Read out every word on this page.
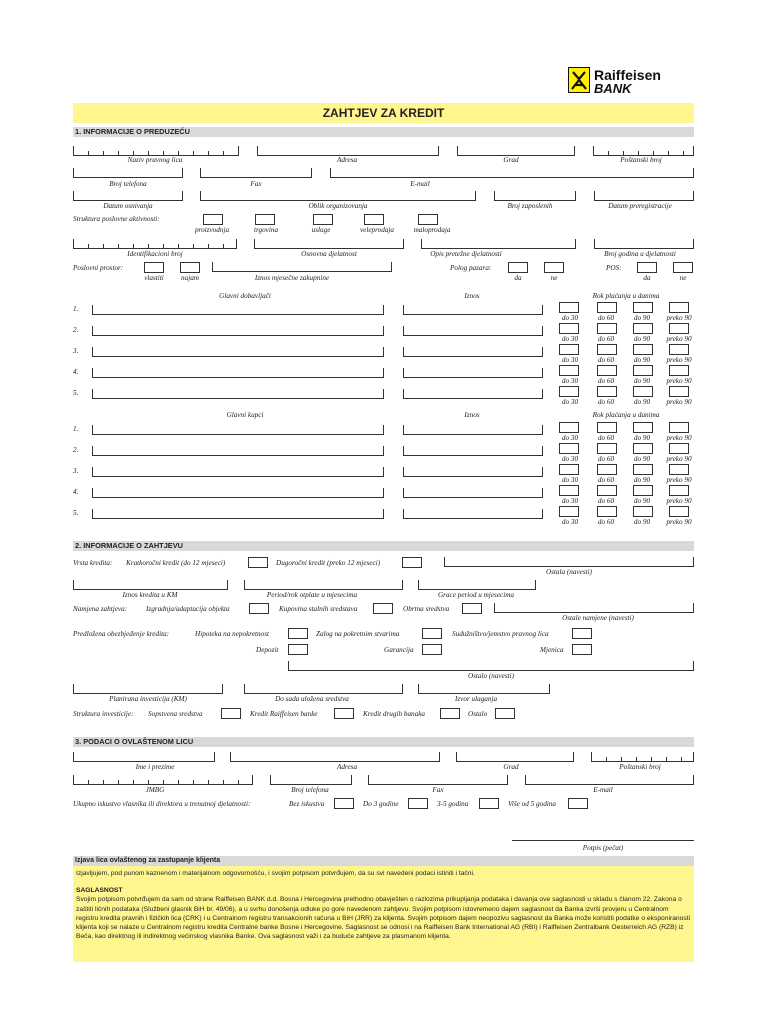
Raiffeisen
BANK
ZAHTJEV ZA KREDIT
1. INFORMACIJE O PREDUZEĆU
Naziv pravnog lica	Adresa	Grad	Poštanski broj
Broj telefona	Fax	E-mail
Datum osnivanja	Oblik organizovanja	Broj zaposlenih	Datum preregistracije
Struktura poslovne aktivnosti:
proizvodnja	trgovina	usluge	veleprodaja	maloprodaja
Identifikacioni broj	Osnovna djelatnost	Opis pretežne djelatnosti	Broj godina u djelatnosti
Poslovni prostor:
vlastiti najam	Iznos mjesečne zakupnine
Polog pazara:
da	ne
POS:
da	ne
Glavni dobavljači	Iznos	Rok plaćanja u danima
1.
do 30	do 60	do 90 preko 90
2.
do 30	do 60	do 90 preko 90
3.
do 30	do 60	do 90 preko 90
4.
do 30	do 60	do 90 preko 90
5.
do 30	do 60	do 90 preko 90
Glavni kupci	Iznos	Rok plaćanja u danima
1.
do 30	do 60	do 90 preko 90
2.
do 30	do 60	do 90 preko 90
3.
do 30	do 60	do 90 preko 90
4.
do 30	do 60	do 90 preko 90
5.
do 30	do 60	do 90 preko 90
2. INFORMACIJE O ZAHTJEVU
Vrsta kredita: Kratkoročni kredit (do 12 mjeseci)	Dugoročni kredit (preko 12 mjeseci)
Ostala (navesti)
Iznos kredita u KM	Period/rok otplate u mjesecima	Grace period u mjesecima
Namjena zahtjeva:	Izgradnja/adaptacija objekta	Kupovina stalnih sredstava	Obrtna sredstva
Ostale namjene (navesti)
Predložena obezbjeđenje kredita:	Hipoteka na nepokretnost	Zalog na pokretnim stvarima	Sudužništvo/jemstvo pravnog lica
Depozit	Garancija	Mjenica
Ostalo (navesti)
Planirana investicija (KM)	Do sada uložena sredstva	Izvor ulaganja
Struktura investicije: Sopstvena sredstva	Kredit Raiffeisen banke	Kredit drugih banaka	Ostalo
3. PODACI O OVLAŠTENOM LICU
Ime i prezime	Adresa	Grad	Poštanski broj
JMBG	Broj telefona	Fax	E-mail
Ukupno iskustvo vlasnika ili direktora u trenutnoj djelatnosti:	Bez iskustva	Do 3 godine	3-5 godina	Više od 5 godina
Potpis (pečat)
Izjava lica ovlaštenog za zastupanje klijenta

Izjavljujem, pod punom kaznenom i materijalnom odgovornošću, i svojim potpisom potvrđujem, da su svi navedeni podaci istiniti i tačni.

SAGLASNOST

Svojim potpisom potvrđujem da sam od strane Raiffeisen BANK d.d. Bosna i Hercegovina prethodno obavješten o razlozima prikupljanja podataka i davanja ove saglasnosti u skladu s članom 22. Zakona o zaštiti ličnih podataka (Službeni glasnik BiH br. 49/06), a u svrhu donošenja odluke po gore navedenom zahtjevu. Svojim potpisom istovremeno dajem saglasnost da Banka izvrši provjeru u Centralnom registru kredita pravnih i fizičkih lica (CRK) i u Centralnom registru transakcionih računa u BiH (JRR) za klijenta. Svojim potpisom dajem neopozivu saglasnost da Banka može koristiti podatke o eksponiranosti klijenta koji se nalaze u Centralnom registru kredita Centralne banke Bosne i Hercegovine. Saglasnost se odnosi i na Raiffeisen Bank International AG (RBI) i Raiffeisen Zentralbank Oesterreich AG (RZB) iz Beča, kao direktnog ili indirektnog većinskog vlasnika Banke. Ova saglasnost važi i za buduće zahtjeve za plasmanom klijenta.
